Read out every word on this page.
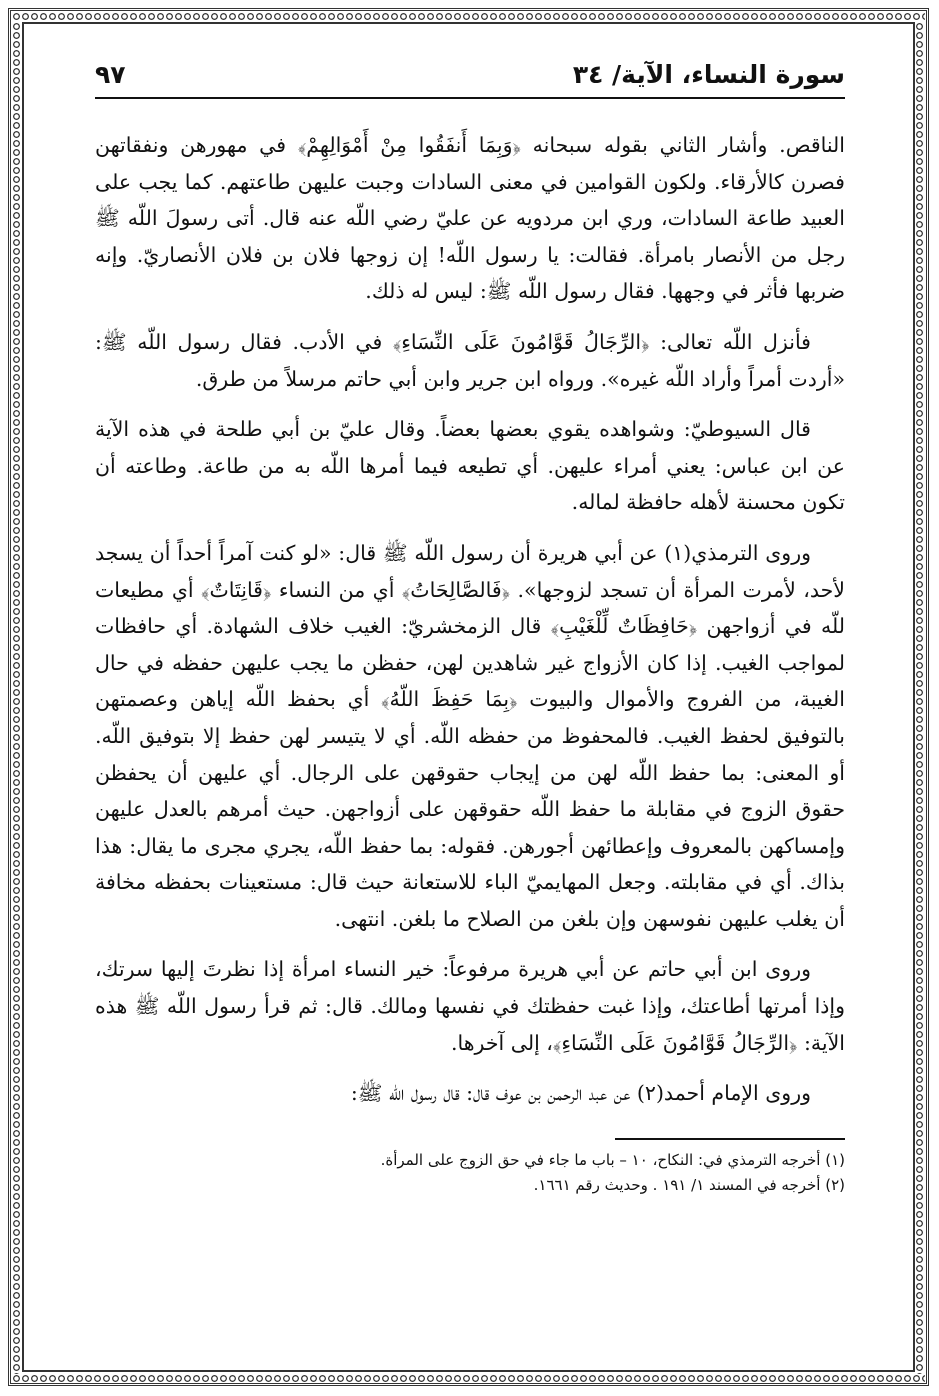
سورة النساء، الآية/ ٣٤
٩٧

الناقص. وأشار الثاني بقوله سبحانه ﴿وَبِمَا أَنفَقُوا مِنْ أَمْوَالِهِمْ﴾ في مهورهن ونفقاتهن فصرن كالأرقاء. ولكون القوامين في معنى السادات وجبت عليهن طاعتهم. كما يجب على العبيد طاعة السادات، وري ابن مردويه عن عليّ رضي اللّه عنه قال. أتى رسولَ اللّه ﷺ رجل من الأنصار بامرأة. فقالت: يا رسول اللّه! إن زوجها فلان بن فلان الأنصاريّ. وإنه ضربها فأثر في وجهها. فقال رسول اللّه ﷺ: ليس له ذلك.

فأنزل اللّه تعالى: ﴿الرِّجَالُ قَوَّامُونَ عَلَى النِّسَاءِ﴾ في الأدب. فقال رسول اللّه ﷺ: «أردت أمراً وأراد اللّه غيره». ورواه ابن جرير وابن أبي حاتم مرسلاً من طرق.

قال السيوطيّ: وشواهده يقوي بعضها بعضاً. وقال عليّ بن أبي طلحة في هذه الآية عن ابن عباس: يعني أمراء عليهن. أي تطيعه فيما أمرها اللّه به من طاعة. وطاعته أن تكون محسنة لأهله حافظة لماله.

وروى الترمذي(١) عن أبي هريرة أن رسول اللّه ﷺ قال: «لو كنت آمراً أحداً أن يسجد لأحد، لأمرت المرأة أن تسجد لزوجها». ﴿فَالصَّالِحَاتُ﴾ أي من النساء ﴿قَانِتَاتٌ﴾ أي مطيعات للّه في أزواجهن ﴿حَافِظَاتٌ لِّلْغَيْبِ﴾ قال الزمخشريّ: الغيب خلاف الشهادة. أي حافظات لمواجب الغيب. إذا كان الأزواج غير شاهدين لهن، حفظن ما يجب عليهن حفظه في حال الغيبة، من الفروج والأموال والبيوت ﴿بِمَا حَفِظَ اللّهُ﴾ أي بحفظ اللّه إياهن وعصمتهن بالتوفيق لحفظ الغيب. فالمحفوظ من حفظه اللّه. أي لا يتيسر لهن حفظ إلا بتوفيق اللّه. أو المعنى: بما حفظ اللّه لهن من إيجاب حقوقهن على الرجال. أي عليهن أن يحفظن حقوق الزوج في مقابلة ما حفظ اللّه حقوقهن على أزواجهن. حيث أمرهم بالعدل عليهن وإمساكهن بالمعروف وإعطائهن أجورهن. فقوله: بما حفظ اللّه، يجري مجرى ما يقال: هذا بذاك. أي في مقابلته. وجعل المهايميّ الباء للاستعانة حيث قال: مستعينات بحفظه مخافة أن يغلب عليهن نفوسهن وإن بلغن من الصلاح ما بلغن. انتهى.

وروى ابن أبي حاتم عن أبي هريرة مرفوعاً: خير النساء امرأة إذا نظرتَ إليها سرتك، وإذا أمرتها أطاعتك، وإذا غبت حفظتك في نفسها ومالك. قال: ثم قرأ رسول اللّه ﷺ هذه الآية: ﴿الرِّجَالُ قَوَّامُونَ عَلَى النِّسَاءِ﴾، إلى آخرها.

وروى الإمام أحمد(٢) عن عبد الرحمن بن عوف قال: قال رسول اللّه ﷺ:

(١) أخرجه الترمذي في: النكاح، ١٠ – باب ما جاء في حق الزوج على المرأة.
(٢) أخرجه في المسند ١/ ١٩١ . وحديث رقم ١٦٦١.
